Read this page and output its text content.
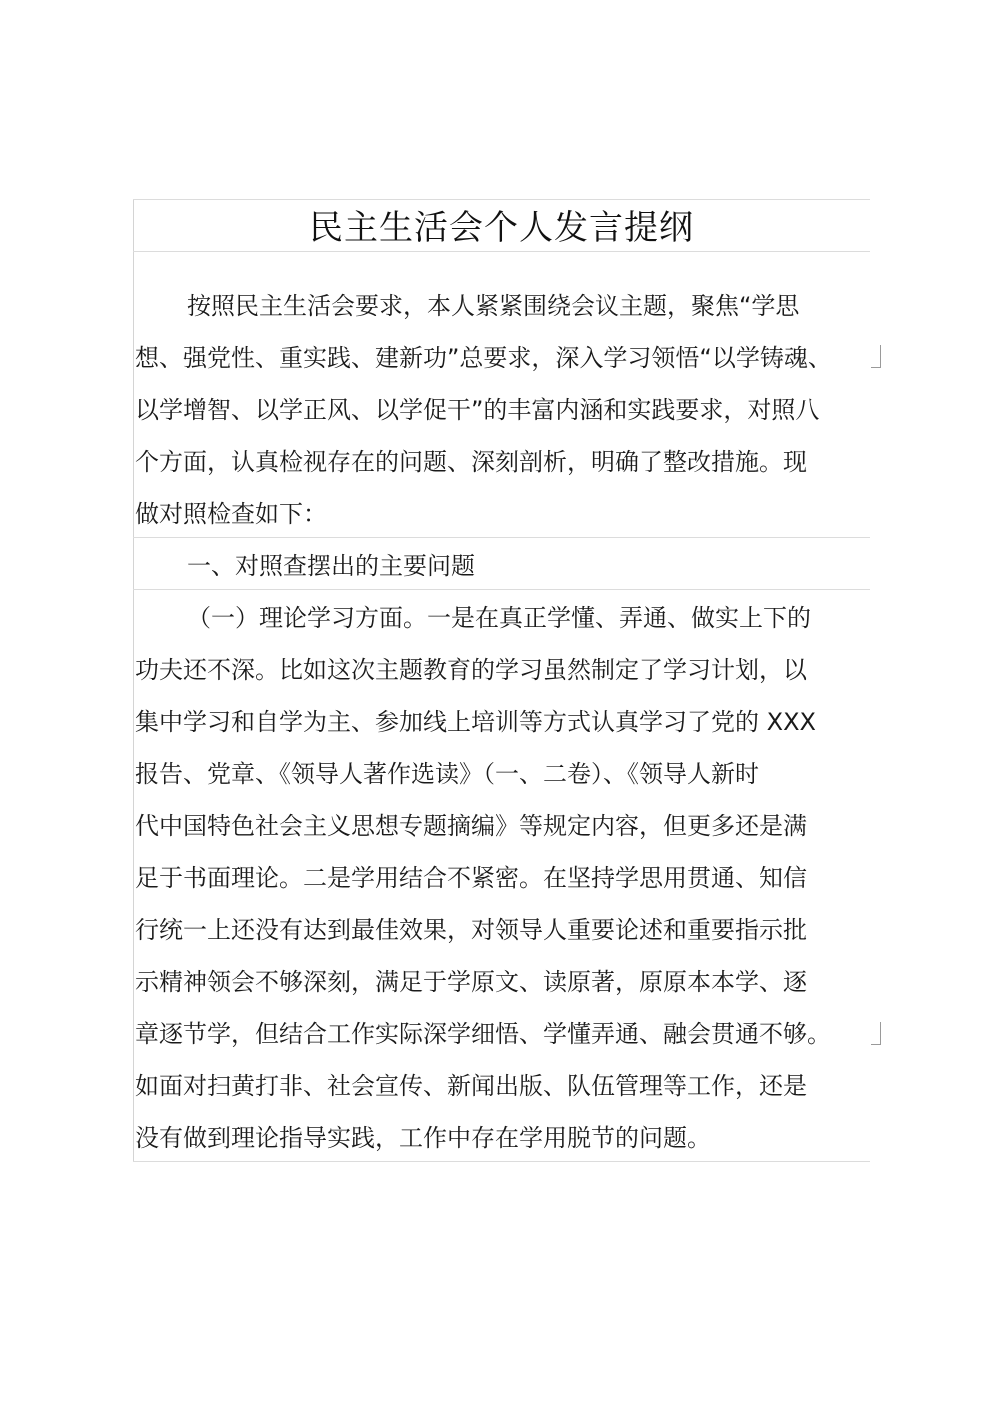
民主生活会个人发言提纲
按照民主生活会要求，本人紧紧围绕会议主题，聚焦“学思
想、强党性、重实践、建新功”总要求，深入学习领悟“以学铸魂、
以学增智、以学正风、以学促干”的丰富内涵和实践要求，对照八
个方面，认真检视存在的问题、深刻剖析，明确了整改措施。现
做对照检查如下：
一、对照查摆出的主要问题
（一）理论学习方面。一是在真正学懂、弄通、做实上下的
功夫还不深。比如这次主题教育的学习虽然制定了学习计划，以
集中学习和自学为主、参加线上培训等方式认真学习了党的 XXX
报告、党章、《领导人著作选读》（一、二卷）、《领导人新时
代中国特色社会主义思想专题摘编》等规定内容，但更多还是满
足于书面理论。二是学用结合不紧密。在坚持学思用贯通、知信
行统一上还没有达到最佳效果，对领导人重要论述和重要指示批
示精神领会不够深刻，满足于学原文、读原著，原原本本学、逐
章逐节学，但结合工作实际深学细悟、学懂弄通、融会贯通不够。
如面对扫黄打非、社会宣传、新闻出版、队伍管理等工作，还是
没有做到理论指导实践，工作中存在学用脱节的问题。
